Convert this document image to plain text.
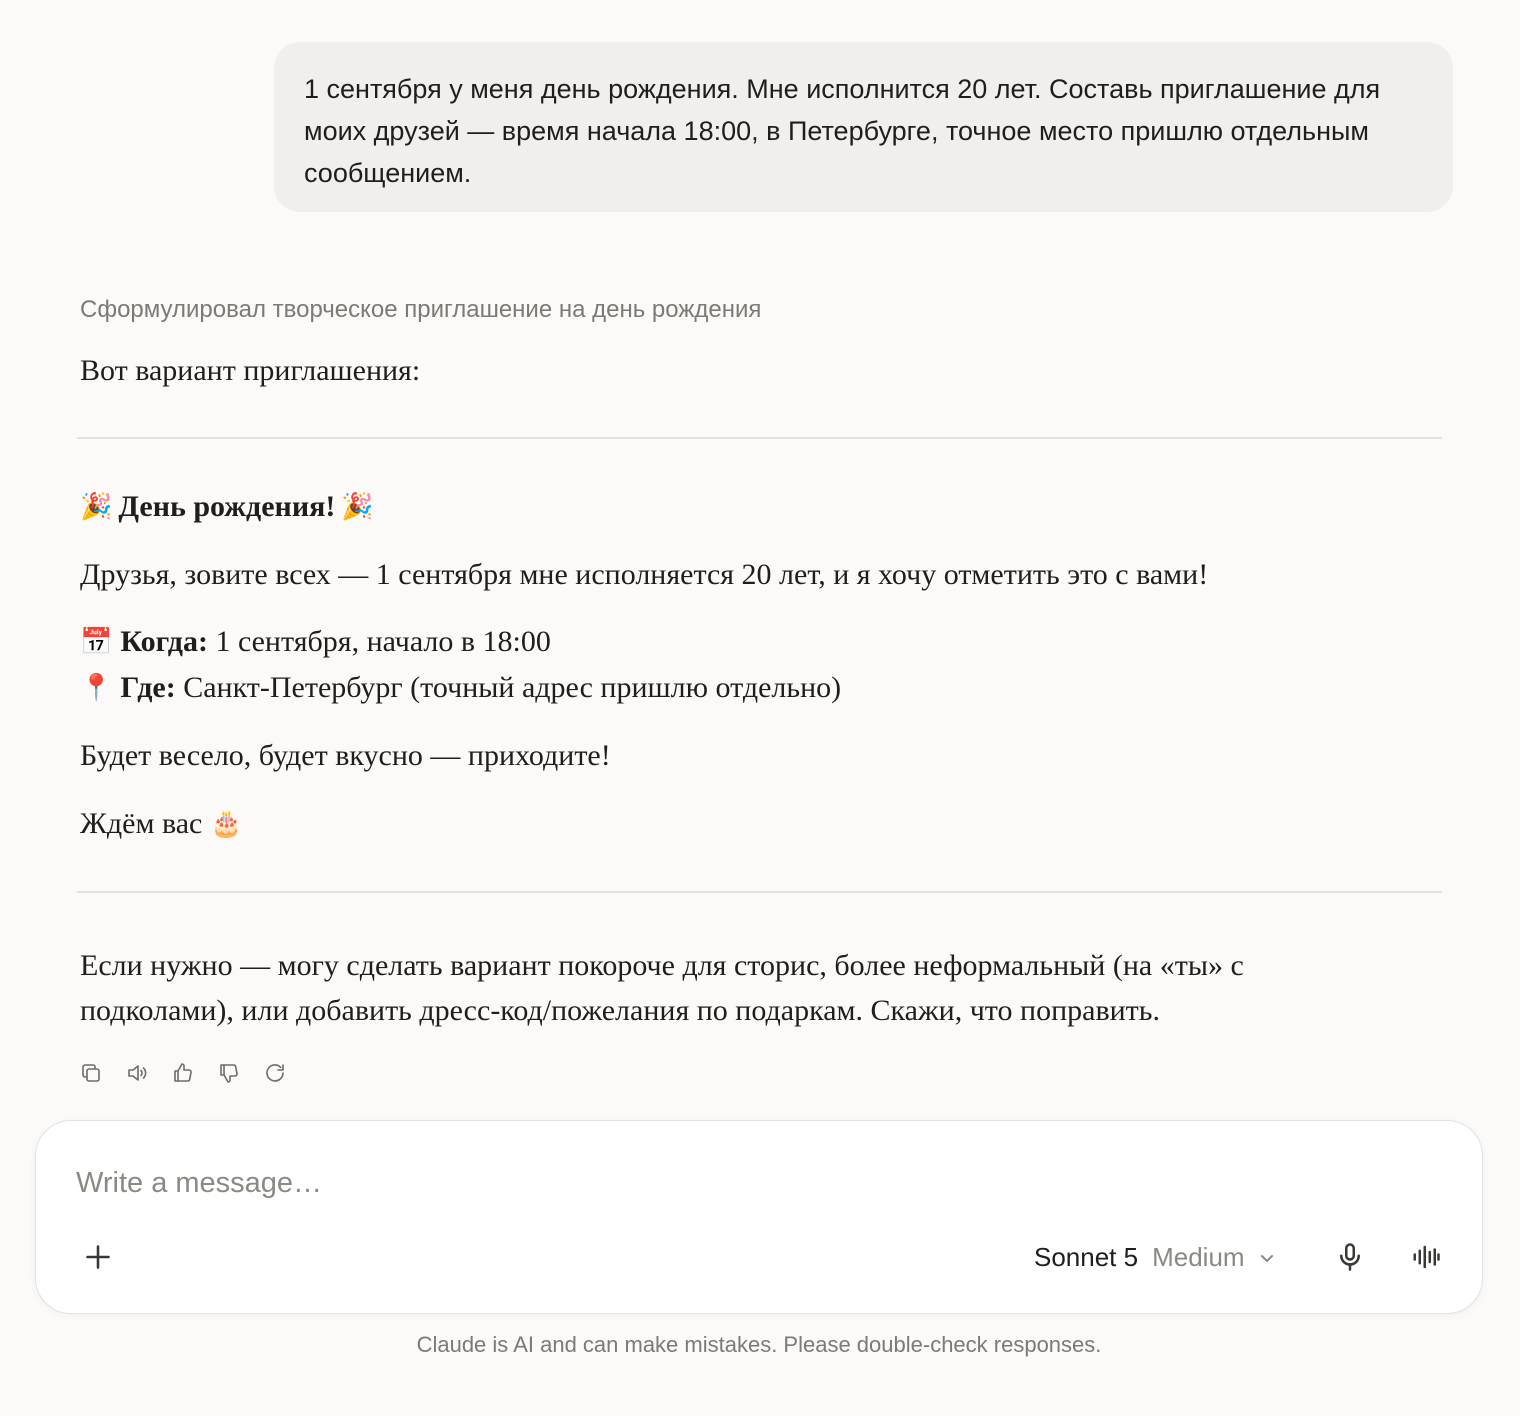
1 сентября у меня день рождения. Мне исполнится 20 лет. Составь приглашение для моих друзей — время начала 18:00, в Петербурге, точное место пришлю отдельным сообщением.
Сформулировал творческое приглашение на день рождения
Вот вариант приглашения:
🎉 День рождения! 🎉
Друзья, зовите всех — 1 сентября мне исполняется 20 лет, и я хочу отметить это с вами!
📅 Когда: 1 сентября, начало в 18:00
📍 Где: Санкт-Петербург (точный адрес пришлю отдельно)
Будет весело, будет вкусно — приходите!
Ждём вас 🎂
Если нужно — могу сделать вариант покороче для сторис, более неформальный (на «ты» с подколами), или добавить дресс-код/пожелания по подаркам. Скажи, что поправить.
Write a message…
Sonnet 5 Medium
Claude is AI and can make mistakes. Please double-check responses.
